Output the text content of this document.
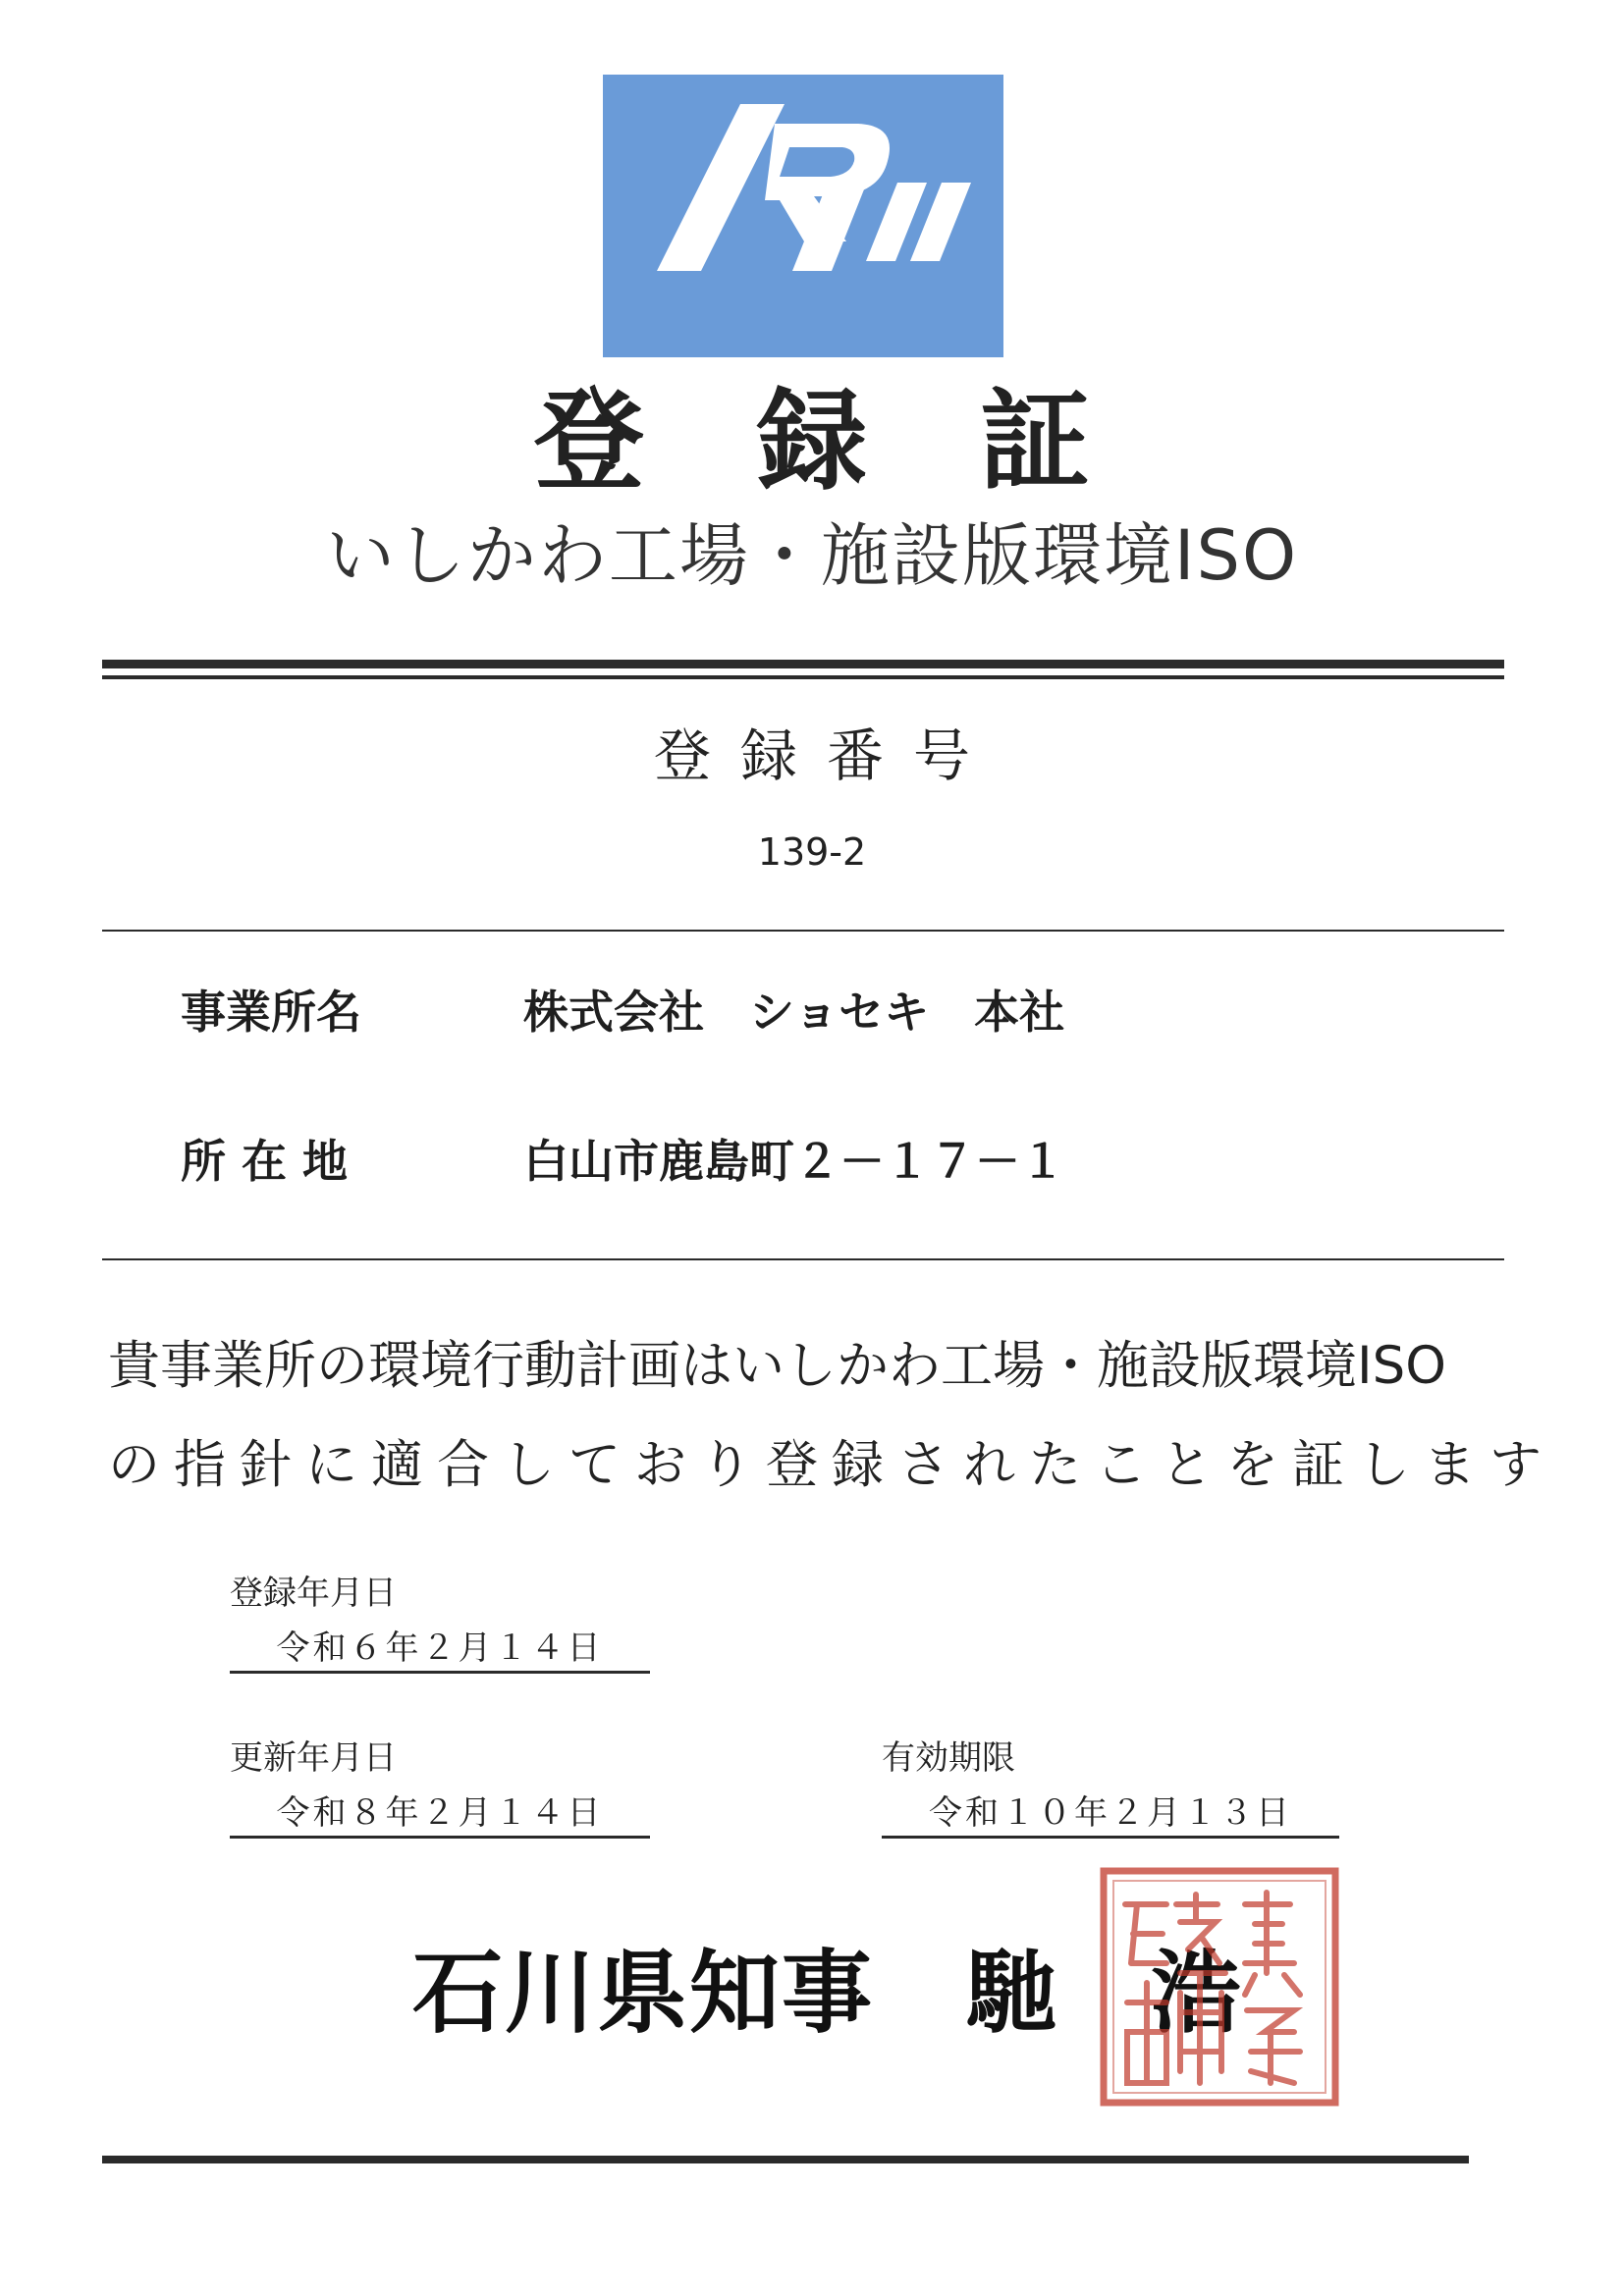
登録証
いしかわ工場・施設版環境ISO
登録番号
139-2
事業所名	株式会社　ショセキ　本社
所 在 地	白山市鹿島町２－１７－１
貴事業所の環境行動計画はいしかわ工場・施設版環境ISO
の指針に適合しており登録されたことを証します
登録年月日
令和６年２月１４日
更新年月日
令和８年２月１４日
有効期限
令和１０年２月１３日
石川県知事　馳　浩
